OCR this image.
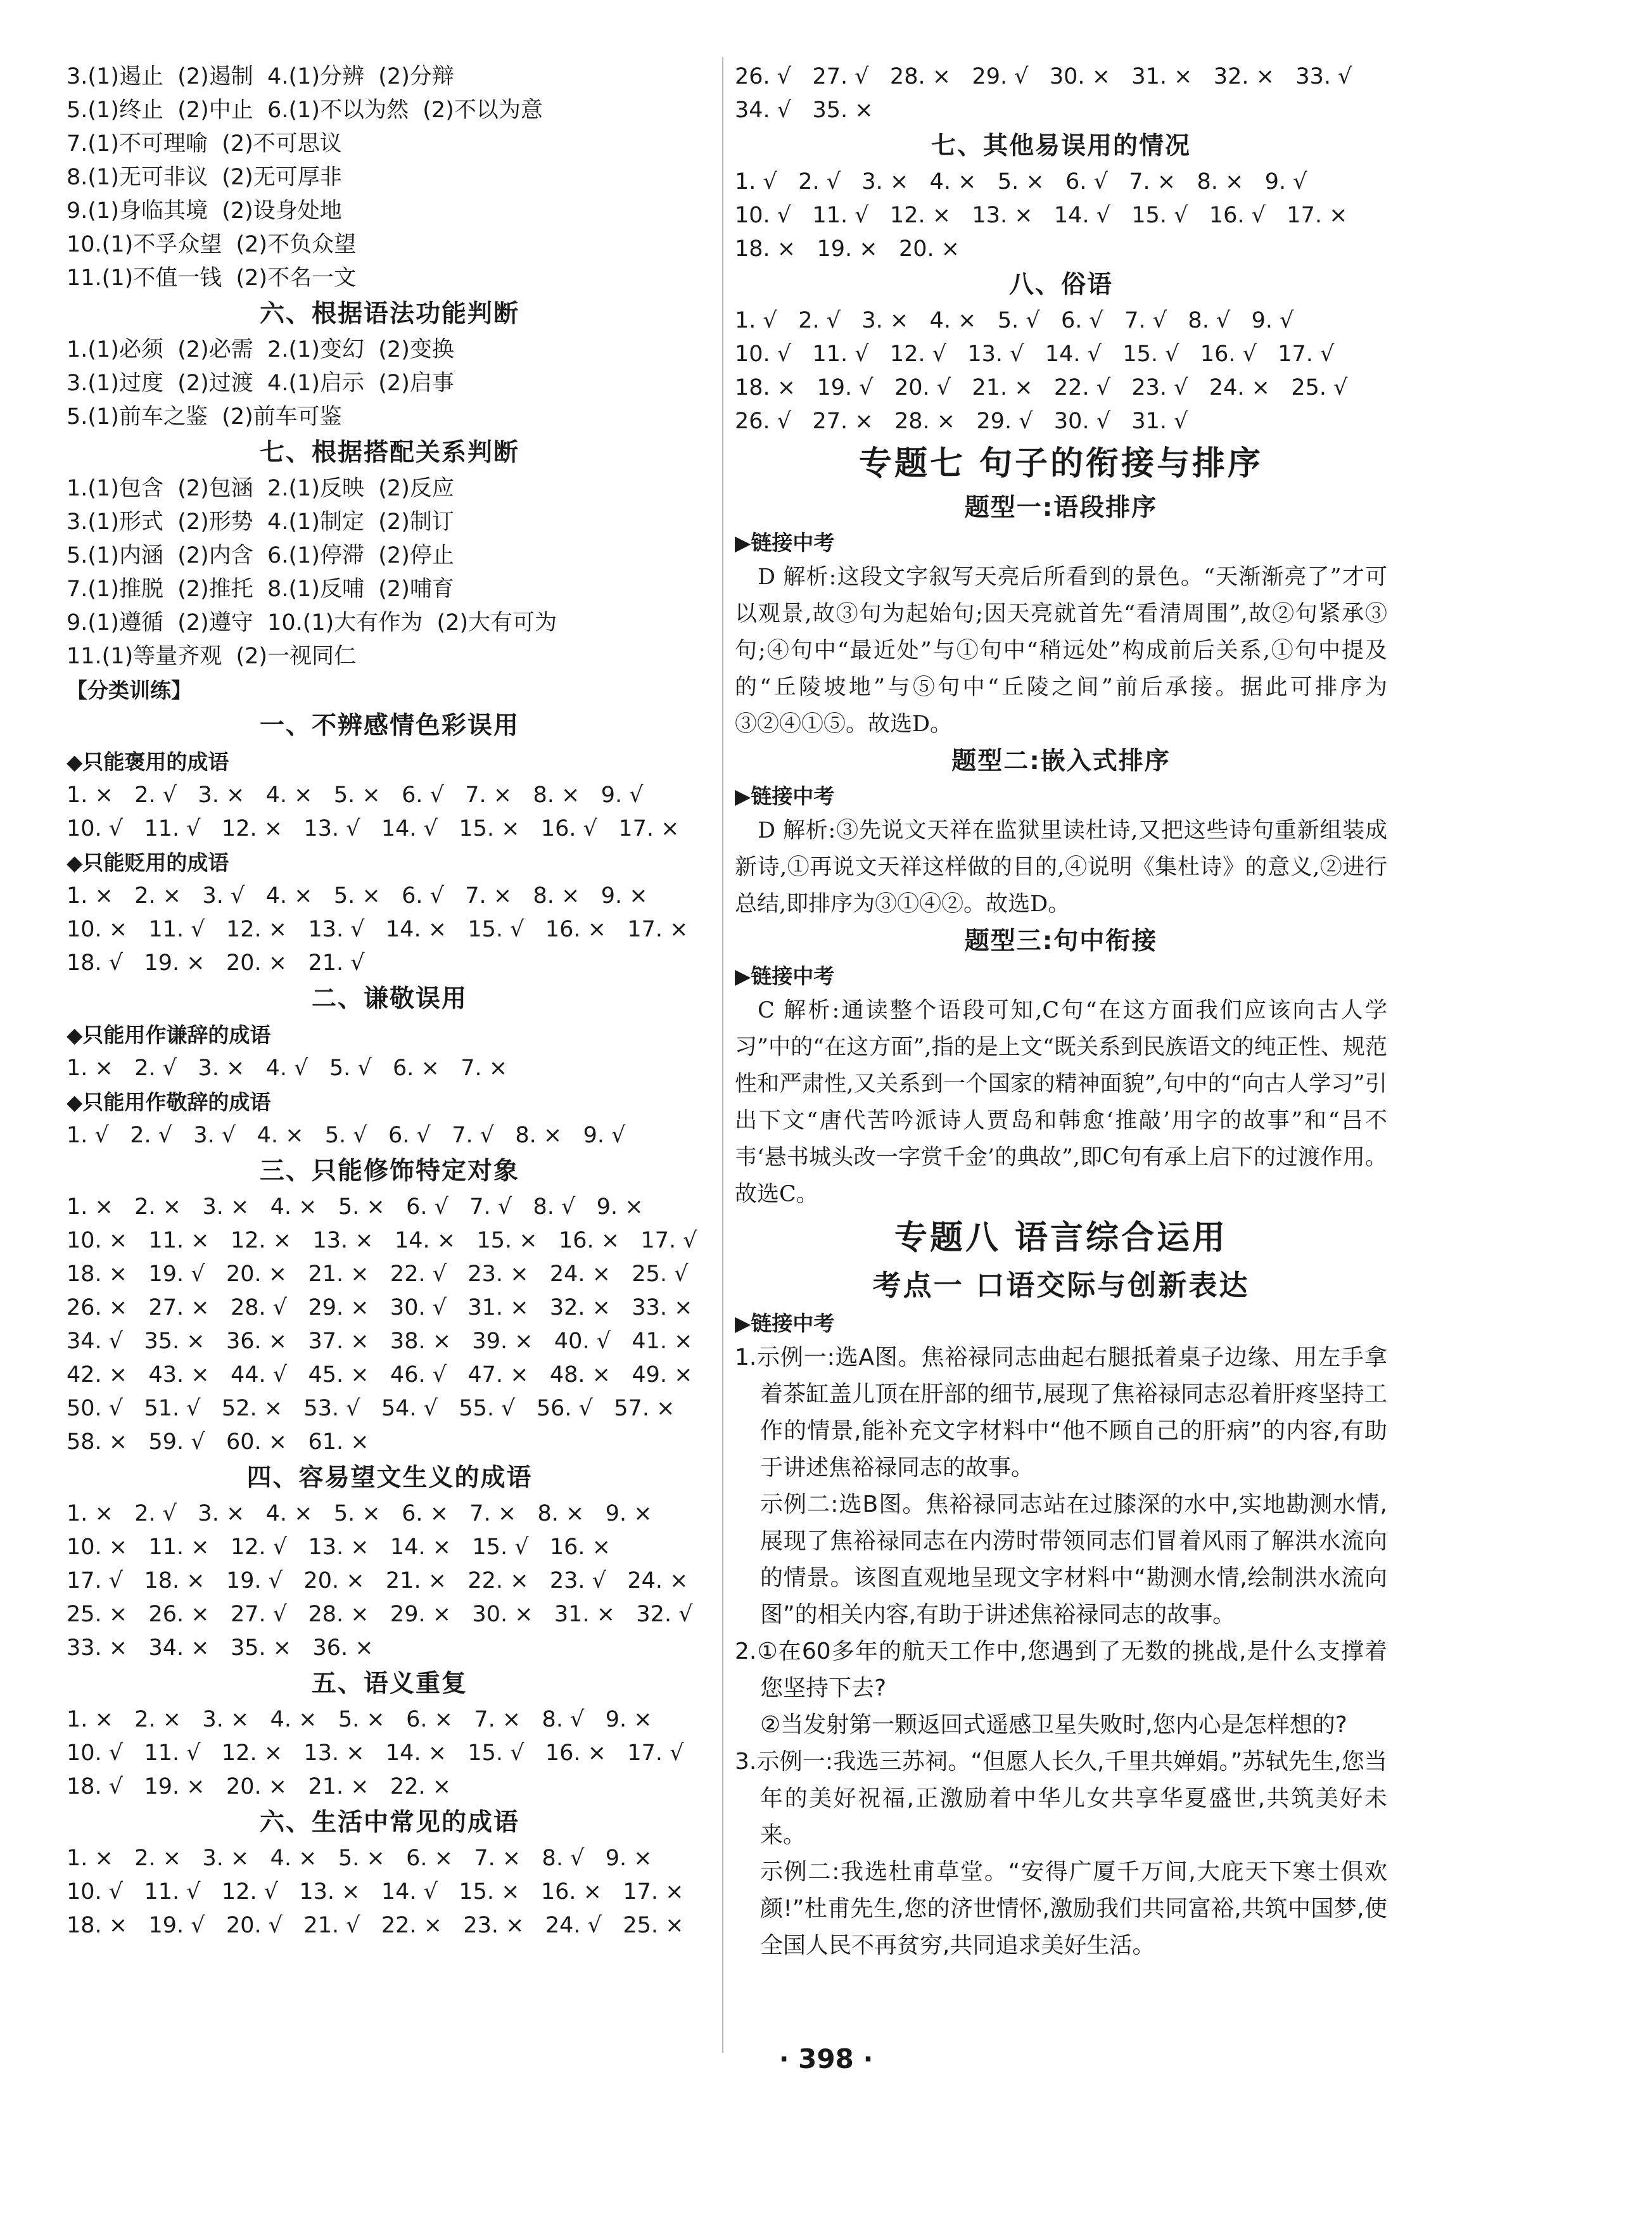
3.(1)遏止  (2)遏制  4.(1)分辨  (2)分辩
5.(1)终止  (2)中止  6.(1)不以为然  (2)不以为意
7.(1)不可理喻  (2)不可思议
8.(1)无可非议  (2)无可厚非
9.(1)身临其境  (2)设身处地
10.(1)不孚众望  (2)不负众望
11.(1)不值一钱  (2)不名一文
六、根据语法功能判断
1.(1)必须  (2)必需  2.(1)变幻  (2)变换
3.(1)过度  (2)过渡  4.(1)启示  (2)启事
5.(1)前车之鉴  (2)前车可鉴
七、根据搭配关系判断
1.(1)包含  (2)包涵  2.(1)反映  (2)反应
3.(1)形式  (2)形势  4.(1)制定  (2)制订
5.(1)内涵  (2)内含  6.(1)停滞  (2)停止
7.(1)推脱  (2)推托  8.(1)反哺  (2)哺育
9.(1)遵循  (2)遵守  10.(1)大有作为  (2)大有可为
11.(1)等量齐观  (2)一视同仁
【分类训练】
一、不辨感情色彩误用
◆只能褒用的成语
1. ×   2. √   3. ×   4. ×   5. ×   6. √   7. ×   8. ×   9. √
10. √   11. √   12. ×   13. √   14. √   15. ×   16. √   17. ×
◆只能贬用的成语
1. ×   2. ×   3. √   4. ×   5. ×   6. √   7. ×   8. ×   9. ×
10. ×   11. √   12. ×   13. √   14. ×   15. √   16. ×   17. ×
18. √   19. ×   20. ×   21. √
二、谦敬误用
◆只能用作谦辞的成语
1. ×   2. √   3. ×   4. √   5. √   6. ×   7. ×
◆只能用作敬辞的成语
1. √   2. √   3. √   4. ×   5. √   6. √   7. √   8. ×   9. √
三、只能修饰特定对象
1. ×   2. ×   3. ×   4. ×   5. ×   6. √   7. √   8. √   9. ×
10. ×   11. ×   12. ×   13. ×   14. ×   15. ×   16. ×   17. √
18. ×   19. √   20. ×   21. ×   22. √   23. ×   24. ×   25. √
26. ×   27. ×   28. √   29. ×   30. √   31. ×   32. ×   33. ×
34. √   35. ×   36. ×   37. ×   38. ×   39. ×   40. √   41. ×
42. ×   43. ×   44. √   45. ×   46. √   47. ×   48. ×   49. ×
50. √   51. √   52. ×   53. √   54. √   55. √   56. √   57. ×
58. ×   59. √   60. ×   61. ×
四、容易望文生义的成语
1. ×   2. √   3. ×   4. ×   5. ×   6. ×   7. ×   8. ×   9. ×
10. ×   11. ×   12. √   13. ×   14. ×   15. √   16. ×
17. √   18. ×   19. √   20. ×   21. ×   22. ×   23. √   24. ×
25. ×   26. ×   27. √   28. ×   29. ×   30. ×   31. ×   32. √
33. ×   34. ×   35. ×   36. ×
五、语义重复
1. ×   2. ×   3. ×   4. ×   5. ×   6. ×   7. ×   8. √   9. ×
10. √   11. √   12. ×   13. ×   14. ×   15. √   16. ×   17. √
18. √   19. ×   20. ×   21. ×   22. ×
六、生活中常见的成语
1. ×   2. ×   3. ×   4. ×   5. ×   6. ×   7. ×   8. √   9. ×
10. √   11. √   12. √   13. ×   14. √   15. ×   16. ×   17. ×
18. ×   19. √   20. √   21. √   22. ×   23. ×   24. √   25. ×
26. √   27. √   28. ×   29. √   30. ×   31. ×   32. ×   33. √
34. √   35. ×
七、其他易误用的情况
1. √   2. √   3. ×   4. ×   5. ×   6. √   7. ×   8. ×   9. √
10. √   11. √   12. ×   13. ×   14. √   15. √   16. √   17. ×
18. ×   19. ×   20. ×
八、俗语
1. √   2. √   3. ×   4. ×   5. √   6. √   7. √   8. √   9. √
10. √   11. √   12. √   13. √   14. √   15. √   16. √   17. √
18. ×   19. √   20. √   21. ×   22. √   23. √   24. ×   25. √
26. √   27. ×   28. ×   29. √   30. √   31. √
专题七 句子的衔接与排序
题型一:语段排序
▶链接中考
D 解析:这段文字叙写天亮后所看到的景色。“天渐渐亮了”才可以观景,故③句为起始句;因天亮就首先“看清周围”,故②句紧承③句;④句中“最近处”与①句中“稍远处”构成前后关系,①句中提及的“丘陵坡地”与⑤句中“丘陵之间”前后承接。据此可排序为③②④①⑤。故选D。
题型二:嵌入式排序
▶链接中考
D 解析:③先说文天祥在监狱里读杜诗,又把这些诗句重新组装成新诗,①再说文天祥这样做的目的,④说明《集杜诗》的意义,②进行总结,即排序为③①④②。故选D。
题型三:句中衔接
▶链接中考
C 解析:通读整个语段可知,C句“在这方面我们应该向古人学习”中的“在这方面”,指的是上文“既关系到民族语文的纯正性、规范性和严肃性,又关系到一个国家的精神面貌”,句中的“向古人学习”引出下文“唐代苦吟派诗人贾岛和韩愈‘推敲’用字的故事”和“吕不韦‘悬书城头改一字赏千金’的典故”,即C句有承上启下的过渡作用。故选C。
专题八 语言综合运用
考点一 口语交际与创新表达
▶链接中考
1.示例一:选A图。焦裕禄同志曲起右腿抵着桌子边缘、用左手拿着茶缸盖儿顶在肝部的细节,展现了焦裕禄同志忍着肝疼坚持工作的情景,能补充文字材料中“他不顾自己的肝病”的内容,有助于讲述焦裕禄同志的故事。
示例二:选B图。焦裕禄同志站在过膝深的水中,实地勘测水情,展现了焦裕禄同志在内涝时带领同志们冒着风雨了解洪水流向的情景。该图直观地呈现文字材料中“勘测水情,绘制洪水流向图”的相关内容,有助于讲述焦裕禄同志的故事。
2.①在60多年的航天工作中,您遇到了无数的挑战,是什么支撑着您坚持下去?
②当发射第一颗返回式遥感卫星失败时,您内心是怎样想的?
3.示例一:我选三苏祠。“但愿人长久,千里共婵娟。”苏轼先生,您当年的美好祝福,正激励着中华儿女共享华夏盛世,共筑美好未来。
示例二:我选杜甫草堂。“安得广厦千万间,大庇天下寒士俱欢颜!”杜甫先生,您的济世情怀,激励我们共同富裕,共筑中国梦,使全国人民不再贫穷,共同追求美好生活。
· 398 ·
